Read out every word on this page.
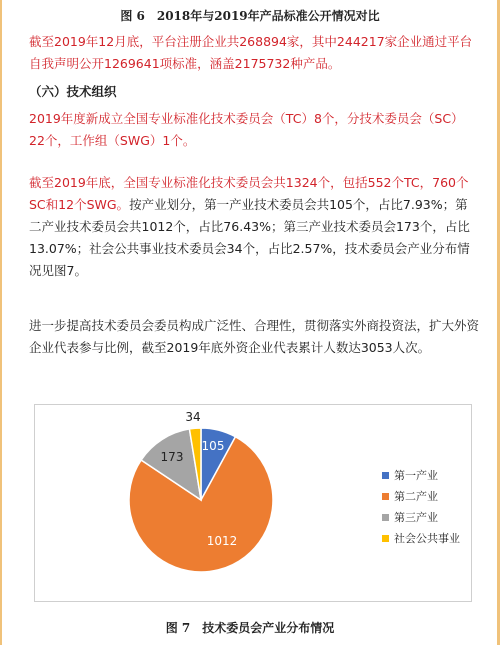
图 6　2018年与2019年产品标准公开情况对比

截至2019年12月底，平台注册企业共268894家，其中244217家企业通过平台自我声明公开1269641项标准，涵盖2175732种产品。

（六）技术组织

2019年度新成立全国专业标准化技术委员会（TC）8个，分技术委员会（SC）22个，工作组（SWG）1个。

截至2019年底，全国专业标准化技术委员会共1324个，包括552个TC，760个SC和12个SWG。按产业划分，第一产业技术委员会共105个，占比7.93%；第二产业技术委员会共1012个，占比76.43%；第三产业技术委员会173个，占比13.07%；社会公共事业技术委员会34个，占比2.57%，技术委员会产业分布情况见图7。

进一步提高技术委员会委员构成广泛性、合理性，贯彻落实外商投资法，扩大外资企业代表参与比例，截至2019年底外资企业代表累计人数达3053人次。

105
1012
173
34
第一产业
第二产业
第三产业
社会公共事业
图 7　技术委员会产业分布情况
